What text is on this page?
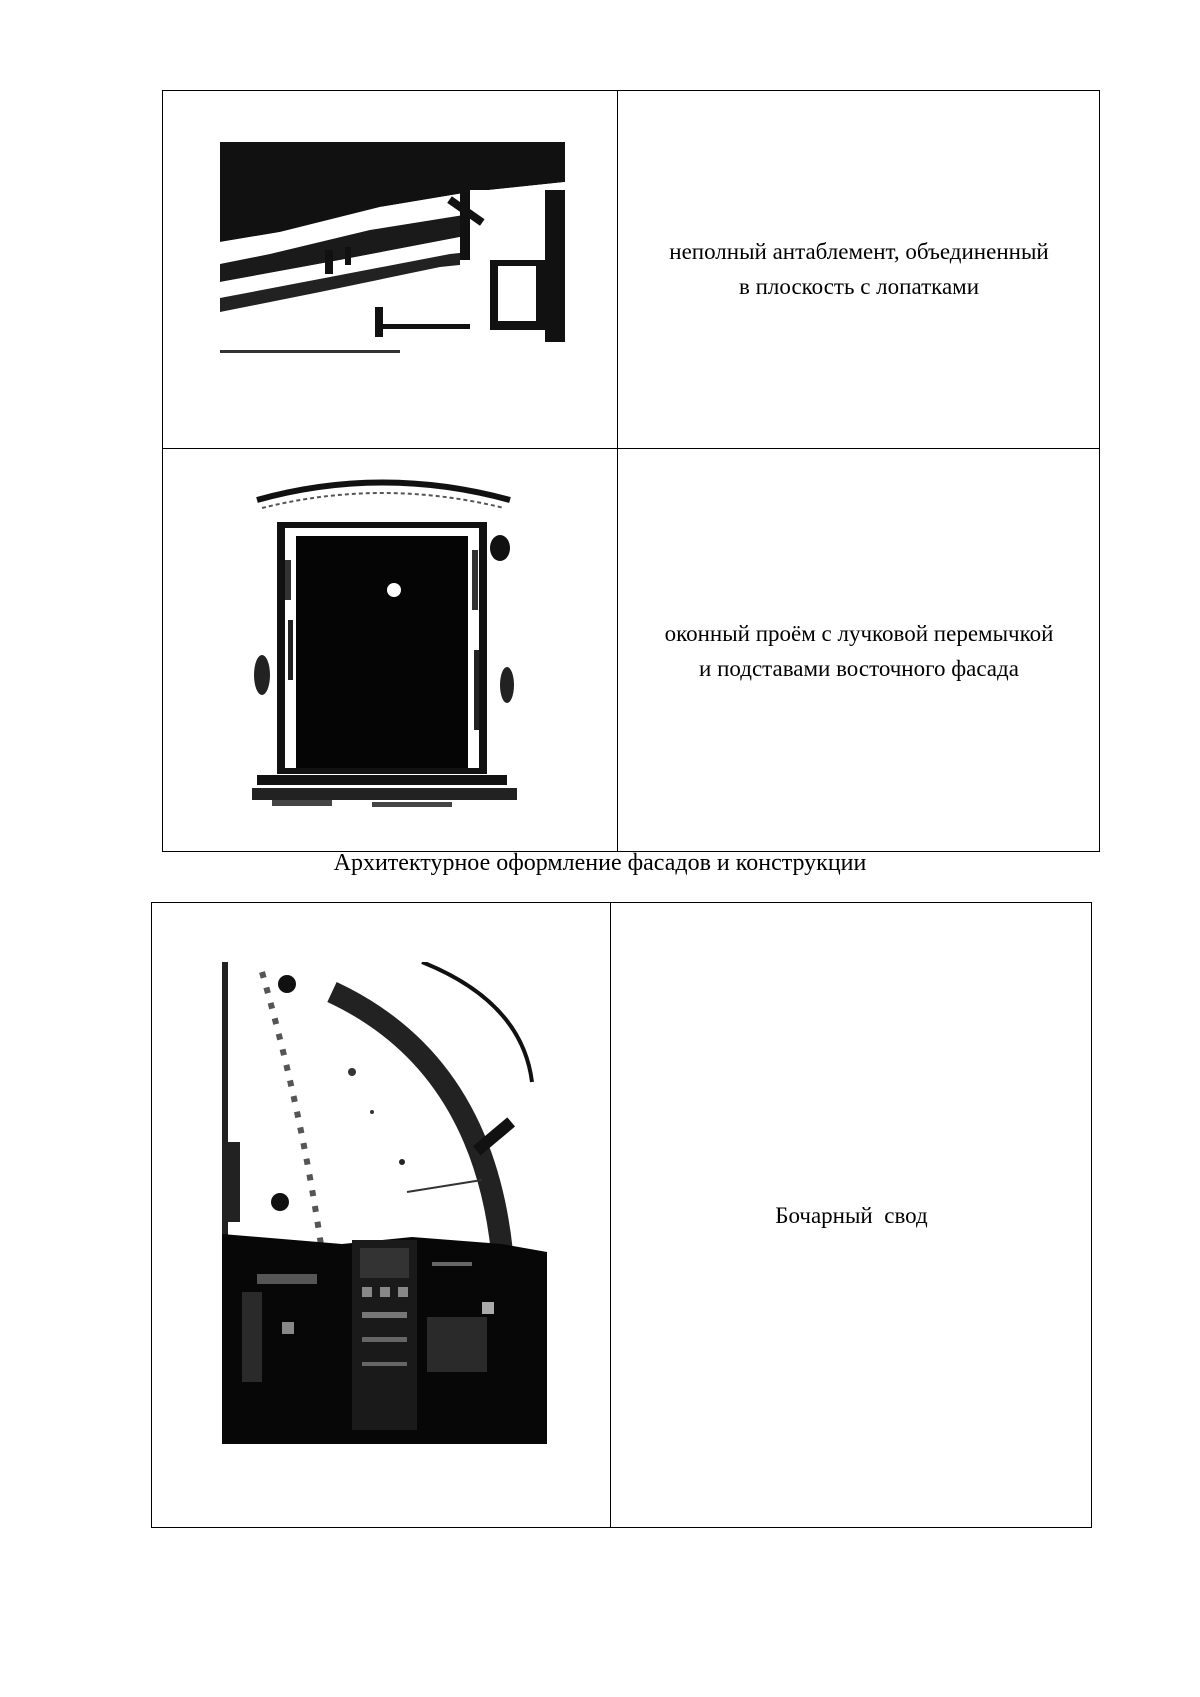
неполный антаблемент, объединенный
в плоскость с лопатками
оконный проём с лучковой перемычкой
и подставами восточного фасада
Архитектурное оформление фасадов и конструкции
Бочарный  свод
